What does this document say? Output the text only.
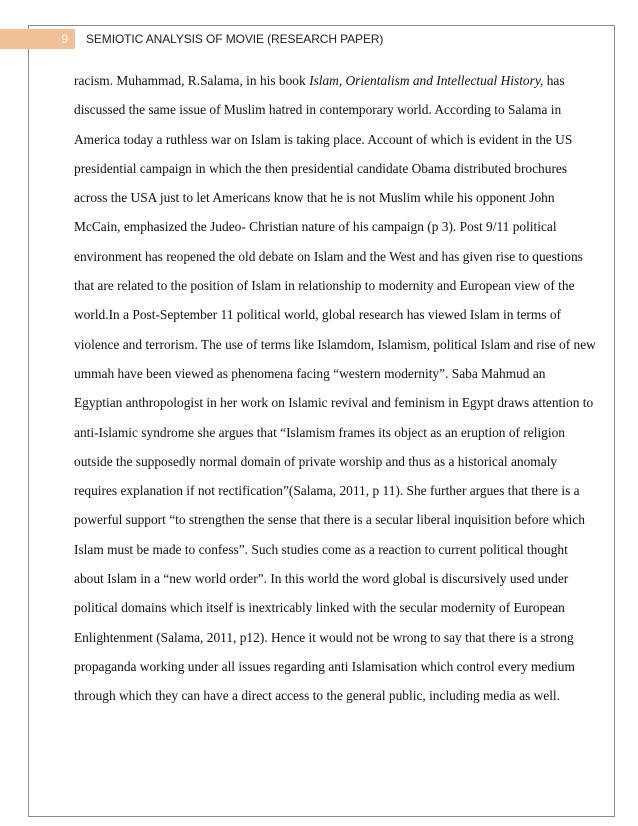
9	SEMIOTIC ANALYSIS OF MOVIE (RESEARCH PAPER)
racism. Muhammad, R.Salama, in his book Islam, Orientalism and Intellectual History, has
discussed the same issue of Muslim hatred in contemporary world. According to Salama in
America today a ruthless war on Islam is taking place. Account of which is evident in the US
presidential campaign in which the then presidential candidate Obama distributed brochures
across the USA just to let Americans know that he is not Muslim while his opponent John
McCain, emphasized the Judeo- Christian nature of his campaign (p 3). Post 9/11 political
environment has reopened the old debate on Islam and the West and has given rise to questions
that are related to the position of Islam in relationship to modernity and European view of the
world.In a Post-September 11 political world, global research has viewed Islam in terms of
violence and terrorism. The use of terms like Islamdom, Islamism, political Islam and rise of new
ummah have been viewed as phenomena facing “western modernity”. Saba Mahmud an
Egyptian anthropologist in her work on Islamic revival and feminism in Egypt draws attention to
anti-Islamic syndrome she argues that “Islamism frames its object as an eruption of religion
outside the supposedly normal domain of private worship and thus as a historical anomaly
requires explanation if not rectification”(Salama, 2011, p 11). She further argues that there is a
powerful support “to strengthen the sense that there is a secular liberal inquisition before which
Islam must be made to confess”. Such studies come as a reaction to current political thought
about Islam in a “new world order”. In this world the word global is discursively used under
political domains which itself is inextricably linked with the secular modernity of European
Enlightenment (Salama, 2011, p12). Hence it would not be wrong to say that there is a strong
propaganda working under all issues regarding anti Islamisation which control every medium
through which they can have a direct access to the general public, including media as well.
